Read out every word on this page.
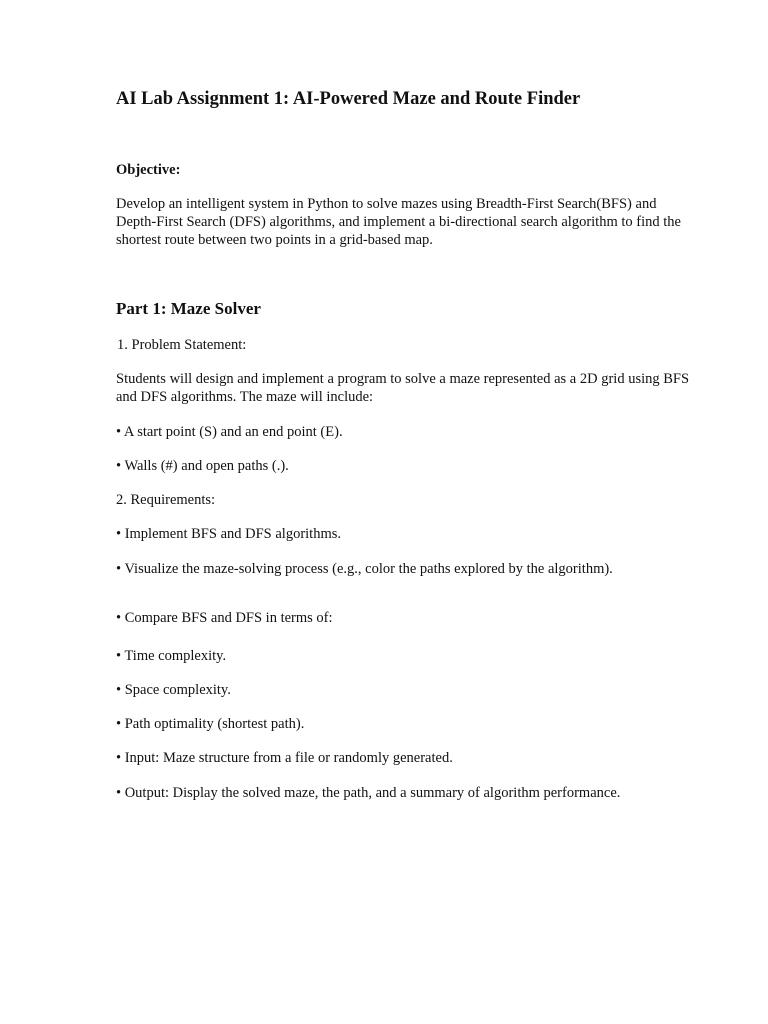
AI Lab Assignment 1: AI-Powered Maze and Route Finder
Objective:
Develop an intelligent system in Python to solve mazes using Breadth-First Search(BFS) and
Depth-First Search (DFS) algorithms, and implement a bi-directional search algorithm to find the
shortest route between two points in a grid-based map.
Part 1: Maze Solver
1. Problem Statement:
Students will design and implement a program to solve a maze represented as a 2D grid using BFS
and DFS algorithms. The maze will include:
• A start point (S) and an end point (E).
• Walls (#) and open paths (.).
2. Requirements:
• Implement BFS and DFS algorithms.
• Visualize the maze-solving process (e.g., color the paths explored by the algorithm).
• Compare BFS and DFS in terms of:
• Time complexity.
• Space complexity.
• Path optimality (shortest path).
• Input: Maze structure from a file or randomly generated.
• Output: Display the solved maze, the path, and a summary of algorithm performance.
